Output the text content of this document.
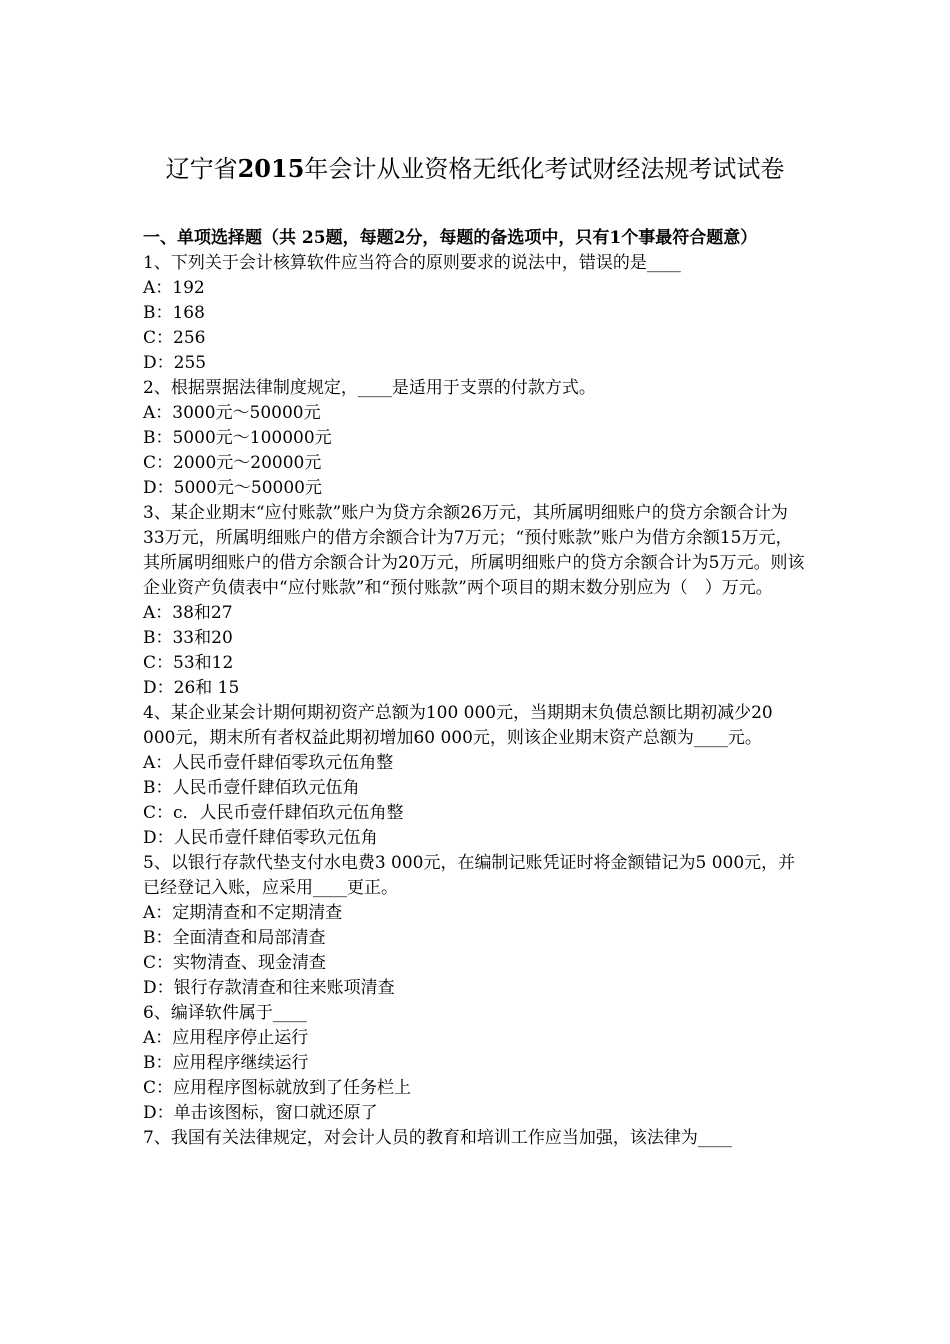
辽宁省2015年会计从业资格无纸化考试财经法规考试试卷
一、单项选择题（共 25题，每题2分，每题的备选项中，只有1个事最符合题意）
1、下列关于会计核算软件应当符合的原则要求的说法中，错误的是____
A：192
B：168
C：256
D：255
2、根据票据法律制度规定，____是适用于支票的付款方式。
A：3000元～50000元
B：5000元～100000元
C：2000元～20000元
D：5000元～50000元
3、某企业期末“应付账款”账户为贷方余额26万元，其所属明细账户的贷方余额合计为33万元，所属明细账户的借方余额合计为7万元；“预付账款”账户为借方余额15万元，其所属明细账户的借方余额合计为20万元，所属明细账户的贷方余额合计为5万元。则该企业资产负债表中“应付账款”和“预付账款”两个项目的期末数分别应为（　）万元。
A：38和27
B：33和20
C：53和12
D：26和 15
4、某企业某会计期何期初资产总额为100 000元，当期期末负债总额比期初减少20 000元，期末所有者权益此期初增加60 000元，则该企业期末资产总额为____元。
A：人民币壹仟肆佰零玖元伍角整
B：人民币壹仟肆佰玖元伍角
C：c．人民币壹仟肆佰玖元伍角整
D：人民币壹仟肆佰零玖元伍角
5、以银行存款代垫支付水电费3 000元，在编制记账凭证时将金额错记为5 000元，并已经登记入账，应采用____更正。
A：定期清查和不定期清查
B：全面清查和局部清查
C：实物清查、现金清查
D：银行存款清查和往来账项清查
6、编译软件属于____
A：应用程序停止运行
B：应用程序继续运行
C：应用程序图标就放到了任务栏上
D：单击该图标，窗口就还原了
7、我国有关法律规定，对会计人员的教育和培训工作应当加强，该法律为____
